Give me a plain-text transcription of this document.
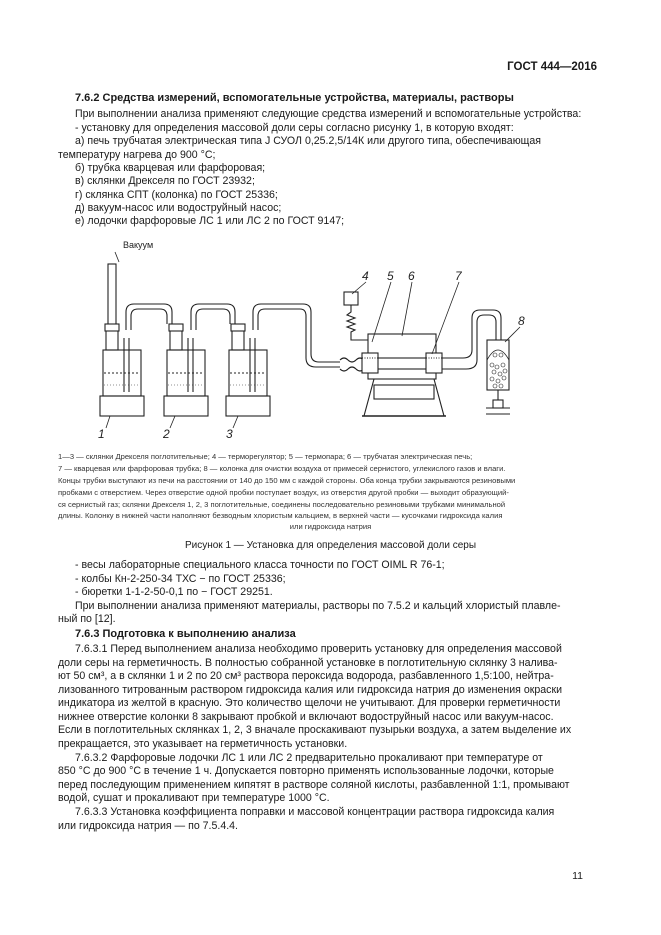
ГОСТ 444—2016
7.6.2 Средства измерений, вспомогательные устройства, материалы, растворы
При выполнении анализа применяют следующие средства измерений и вспомогательные устройства:
- установку для определения массовой доли серы согласно рисунку 1, в которую входят:
а) печь трубчатая электрическая типа J СУОЛ 0,25.2,5/14К или другого типа, обеспечивающая
температуру нагрева до 900 °С;
б) трубка кварцевая или фарфоровая;
в) склянки Дрекселя по ГОСТ 23932;
г) склянка СПТ (колонка) по ГОСТ 25336;
д) вакуум-насос или водоструйный насос;
е) лодочки фарфоровые ЛС 1 или ЛС 2 по ГОСТ 9147;
Вакуум
1	2	3
4 5 6	7
8
1—3 — склянки Дрекселя поглотительные; 4 — терморегулятор; 5 — термопара; 6 — трубчатая электрическая печь;
7 — кварцевая или фарфоровая трубка; 8 — колонка для очистки воздуха от примесей сернистого, углекислого газов и влаги.
Концы трубки выступают из печи на расстоянии от 140 до 150 мм с каждой стороны. Оба конца трубки закрываются резиновыми
пробками с отверстием. Через отверстие одной пробки поступает воздух, из отверстия другой пробки — выходит образующий-
ся сернистый газ; склянки Дрекселя 1, 2, 3 поглотительные, соединены последовательно резиновыми трубками минимальной
длины. Колонку в нижней части наполняют безводным хлористым кальцием, в верхней части — кусочками гидроксида калия
или гидроксида натрия
Рисунок 1 — Установка для определения массовой доли серы
- весы лабораторные специального класса точности по ГОСТ OIML R 76-1;
- колбы Кн-2-250-34 ТХС − по ГОСТ 25336;
- бюретки 1-1-2-50-0,1 по − ГОСТ 29251.
При выполнении анализа применяют материалы, растворы по 7.5.2 и кальций хлористый плавле-
ный по [12].
7.6.3 Подготовка к выполнению анализа
7.6.3.1 Перед выполнением анализа необходимо проверить установку для определения массовой
доли серы на герметичность. В полностью собранной установке в поглотительную склянку 3 налива-
ют 50 см³, а в склянки 1 и 2 по 20 см³ раствора пероксида водорода, разбавленного 1,5:100, нейтра-
лизованного титрованным раствором гидроксида калия или гидроксида натрия до изменения окраски
индикатора из желтой в красную. Это количество щелочи не учитывают. Для проверки герметичности
нижнее отверстие колонки 8 закрывают пробкой и включают водоструйный насос или вакуум-насос.
Если в поглотительных склянках 1, 2, 3 вначале проскакивают пузырьки воздуха, а затем выделение их
прекращается, это указывает на герметичность установки.
7.6.3.2 Фарфоровые лодочки ЛС 1 или ЛС 2 предварительно прокаливают при температуре от
850 °С до 900 °С в течение 1 ч. Допускается повторно применять использованные лодочки, которые
перед последующим применением кипятят в растворе соляной кислоты, разбавленной 1:1, промывают
водой, сушат и прокаливают при температуре 1000 °С.
7.6.3.3 Установка коэффициента поправки и массовой концентрации раствора гидроксида калия
или гидроксида натрия — по 7.5.4.4.
11
